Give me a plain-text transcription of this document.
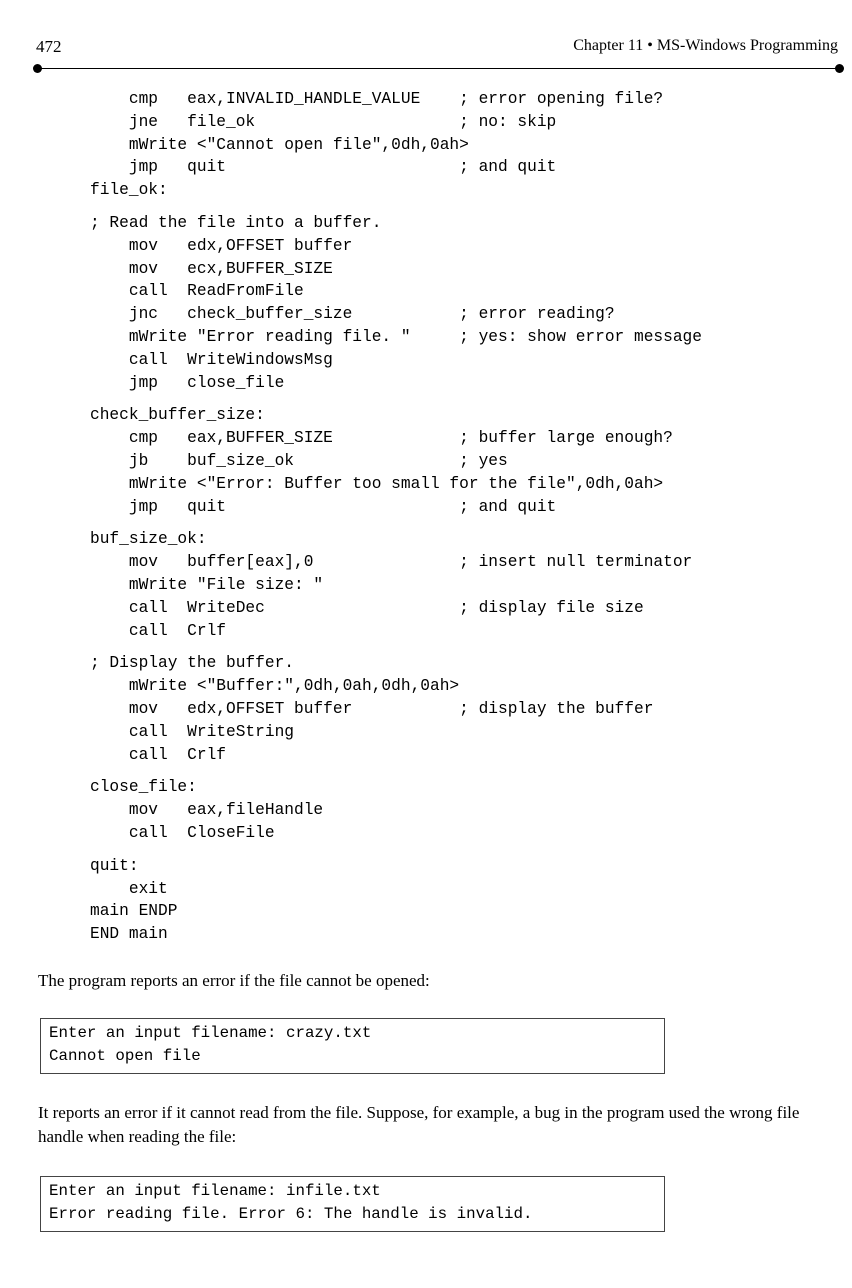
472	Chapter 11 • MS-Windows Programming
cmp   eax,INVALID_HANDLE_VALUE    ; error opening file?
jne   file_ok                     ; no: skip
mWrite <"Cannot open file",0dh,0ah>
jmp   quit                        ; and quit
file_ok:
; Read the file into a buffer.
mov   edx,OFFSET buffer
mov   ecx,BUFFER_SIZE
call  ReadFromFile
jnc   check_buffer_size           ; error reading?
mWrite "Error reading file. "     ; yes: show error message
call  WriteWindowsMsg
jmp   close_file
check_buffer_size:
cmp   eax,BUFFER_SIZE             ; buffer large enough?
jb    buf_size_ok                 ; yes
mWrite <"Error: Buffer too small for the file",0dh,0ah>
jmp   quit                        ; and quit
buf_size_ok:
mov   buffer[eax],0               ; insert null terminator
mWrite "File size: "
call  WriteDec                    ; display file size
call  Crlf
; Display the buffer.
mWrite <"Buffer:",0dh,0ah,0dh,0ah>
mov   edx,OFFSET buffer           ; display the buffer
call  WriteString
call  Crlf
close_file:
mov   eax,fileHandle
call  CloseFile
quit:
exit
main ENDP
END main
The program reports an error if the file cannot be opened:
Enter an input filename: crazy.txt
Cannot open file
It reports an error if it cannot read from the file. Suppose, for example, a bug in the program used the wrong file handle when reading the file:
Enter an input filename: infile.txt
Error reading file. Error 6: The handle is invalid.
